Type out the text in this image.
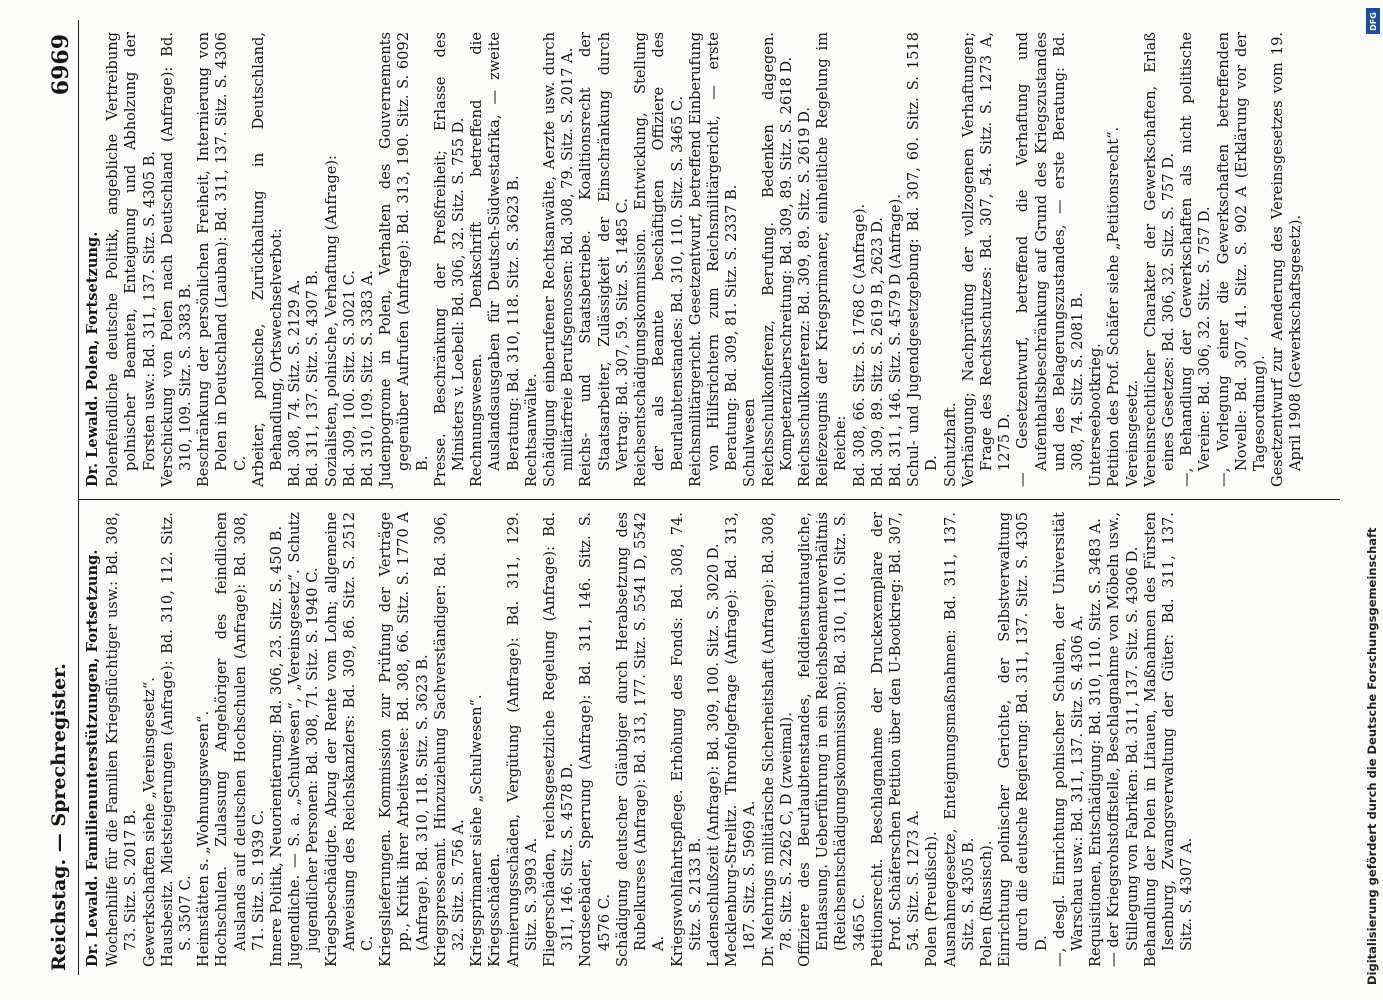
Reichstag. — Sprechregister.
6969
Dr. Lewald. Familienunterstützungen, Fortsetzung. Wochenhilfe für die Familien Kriegsflüchtiger usw.: Bd. 308, 73. Sitz. S. 2017 B. Gewerkschaften siehe „Vereinsgesetz“. Hausbesitz. Mietsteigerungen (Anfrage): Bd. 310, 112. Sitz. S. 3507 C. Heimstätten s. „Wohnungswesen“. Hochschulen. Zulassung Angehöriger des feindlichen Auslands auf deutschen Hochschulen (Anfrage): Bd. 308, 71. Sitz. S. 1939 C. Innere Politik, Neuorientierung: Bd. 306, 23. Sitz. S. 450 B. Jugendliche. — S. a. „Schulwesen“, „Vereinsgesetz“. Schutz jugendlicher Personen: Bd. 308, 71. Sitz. S. 1940 C. Kriegsbeschädigte. Abzug der Rente vom Lohn; allgemeine Anweisung des Reichskanzlers: Bd. 309, 86. Sitz. S. 2512 C. Kriegslieferungen. Kommission zur Prüfung der Verträge pp., Kritik ihrer Arbeitsweise: Bd. 308, 66. Sitz. S. 1770 A (Anfrage). Bd. 310, 118. Sitz. S. 3623 B. Kriegspresseamt. Hinzuziehung Sachverständiger: Bd. 306, 32. Sitz. S. 756 A. Kriegsprimaner siehe „Schulwesen“. Kriegsschäden. Armierungsschäden, Vergütung (Anfrage): Bd. 311, 129. Sitz. S. 3993 A. Fliegerschäden, reichsgesetzliche Regelung (Anfrage): Bd. 311, 146. Sitz. S. 4578 D. Nordseebäder, Sperrung (Anfrage): Bd. 311, 146. Sitz. S. 4576 C. Schädigung deutscher Gläubiger durch Herabsetzung des Rubelkurses (Anfrage): Bd. 313, 177. Sitz. S. 5541 D, 5542 A. Kriegswohlfahrtspflege. Erhöhung des Fonds: Bd. 308, 74. Sitz. S. 2133 B. Ladenschlußzeit (Anfrage): Bd. 309, 100. Sitz. S. 3020 D. Mecklenburg-Strelitz. Thronfolgefrage (Anfrage): Bd. 313, 187. Sitz. S. 5969 A. Dr. Mehrings militärische Sicherheitshaft (Anfrage): Bd. 308, 78. Sitz. S. 2262 C, D (zweimal). Offiziere des Beurlaubtenstandes, felddienstuntaugliche, Entlassung. Ueberführung in ein Reichsbeamtenverhältnis (Reichsentschädigungskommission): Bd. 310, 110. Sitz. S. 3465 C. Petitionsrecht. Beschlagnahme der Druckexemplare der Prof. Schäferschen Petition über den U-Bootkrieg: Bd. 307, 54. Sitz. S. 1273 A. Polen (Preußisch). Ausnahmegesetze, Enteignungsmaßnahmen: Bd. 311, 137. Sitz. S. 4305 B. Polen (Russisch). Einrichtung polnischer Gerichte, der Selbstverwaltung durch die deutsche Regierung: Bd. 311, 137. Sitz. S. 4305 D. —, desgl. Einrichtung polnischer Schulen, der Universität Warschau usw.: Bd. 311, 137. Sitz. S. 4306 A. Requisitionen, Entschädigung: Bd. 310, 110. Sitz. S. 3483 A. — der Kriegsrohstoffstelle, Beschlagnahme von Möbeln usw., Stillegung von Fabriken: Bd. 311, 137. Sitz. S. 4306 D. Behandlung der Polen in Litauen, Maßnahmen des Fürsten Isenburg, Zwangsverwaltung der Güter: Bd. 311, 137. Sitz. S. 4307 A.

Dr. Lewald. Polen, Fortsetzung. Polenfeindliche deutsche Politik, angebliche Vertreibung polnischer Beamten, Enteignung und Abholzung der Forsten usw.: Bd. 311, 137. Sitz. S. 4305 B. Verschickung von Polen nach Deutschland (Anfrage): Bd. 310, 109. Sitz. S. 3383 B. Beschränkung der persönlichen Freiheit, Internierung von Polen in Deutschland (Lauban): Bd. 311, 137. Sitz. S. 4306 C. Arbeiter, polnische, Zurückhaltung in Deutschland, Behandlung, Ortswechselverbot: Bd. 308, 74. Sitz. S. 2129 A. Bd. 311, 137. Sitz. S. 4307 B. Sozialisten, polnische, Verhaftung (Anfrage): Bd. 309, 100. Sitz. S. 3021 C. Bd. 310, 109. Sitz. S. 3383 A. Judenpogrome in Polen, Verhalten des Gouvernements gegenüber Aufrufen (Anfrage): Bd. 313, 190. Sitz. S. 6092 B. Presse. Beschränkung der Preßfreiheit; Erlasse des Ministers v. Loebell: Bd. 306, 32. Sitz. S. 755 D. Rechnungswesen. Denkschrift betreffend die Auslandsausgaben für Deutsch-Südwestafrika, — zweite Beratung: Bd. 310, 118. Sitz. S. 3623 B. Rechtsanwälte. Schädigung einberufener Rechtsanwälte, Aerzte usw. durch militärfreie Berufsgenossen: Bd. 308, 79. Sitz. S. 2017 A. Reichs- und Staatsbetriebe. Koalitionsrecht der Staatsarbeiter, Zulässigkeit der Einschränkung durch Vertrag: Bd. 307, 59. Sitz. S. 1485 C. Reichsentschädigungskommission. Entwicklung, Stellung der als Beamte beschäftigten Offiziere des Beurlaubtenstandes: Bd. 310, 110. Sitz. S. 3465 C. Reichsmilitärgericht. Gesetzentwurf, betreffend Einberufung von Hilfsrichtern zum Reichsmilitärgericht, — erste Beratung: Bd. 309, 81. Sitz. S. 2337 B. Schulwesen Reichsschulkonferenz, Berufung. Bedenken dagegen. Kompetenzüberschreitung: Bd. 309, 89. Sitz. S. 2618 D. Reichsschulkonferenz: Bd. 309, 89. Sitz. S. 2619 D. Reifezeugnis der Kriegsprimaner, einheitliche Regelung im Reiche: Bd. 308, 66. Sitz. S. 1768 C (Anfrage). Bd. 309, 89. Sitz. S. 2619 B, 2623 D. Bd. 311, 146. Sitz. S. 4579 D (Anfrage). Schul- und Jugendgesetzgebung: Bd. 307, 60. Sitz. S. 1518 D. Schutzhaft. Verhängung; Nachprüfung der vollzogenen Verhaftungen; Frage des Rechtsschutzes: Bd. 307, 54. Sitz. S. 1273 A, 1275 D. — Gesetzentwurf, betreffend die Verhaftung und Aufenthaltsbeschränkung auf Grund des Kriegszustandes und des Belagerungszustandes, — erste Beratung: Bd. 308, 74. Sitz. S. 2081 B. Unterseebootkrieg. Petition des Prof. Schäfer siehe „Petitionsrecht“. Vereinsgesetz. Vereinsrechtlicher Charakter der Gewerkschaften, Erlaß eines Gesetzes: Bd. 306, 32. Sitz. S. 757 D. —, Behandlung der Gewerkschaften als nicht politische Vereine: Bd. 306, 32. Sitz. S. 757 D. —, Vorlegung einer die Gewerkschaften betreffenden Novelle: Bd. 307, 41. Sitz. S. 902 A (Erklärung vor der Tagesordnung). Gesetzentwurf zur Aenderung des Vereinsgesetzes vom 19. April 1908 (Gewerkschaftsgesetz).

Digitalisierung gefördert durch die Deutsche Forschungsgemeinschaft
DFG
